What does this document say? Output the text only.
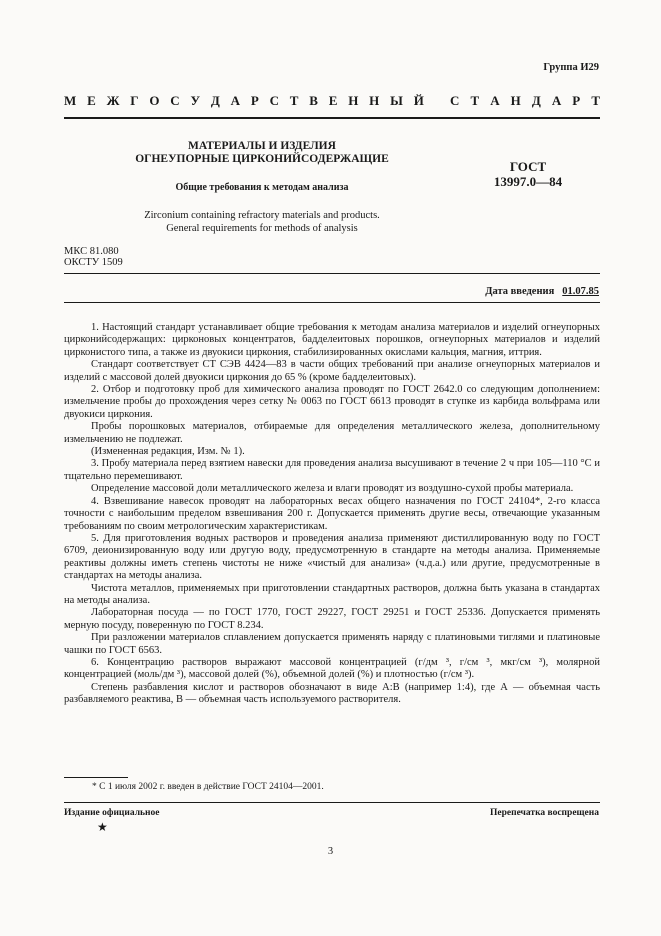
Группа И29
М Е Ж Г О С У Д А Р С Т В Е Н Н Ы Й С Т А Н Д А Р Т
МАТЕРИАЛЫ И ИЗДЕЛИЯ
ОГНЕУПОРНЫЕ ЦИРКОНИЙСОДЕРЖАЩИЕ
Общие требования к методам анализа
Zirconium containing refractory materials and products.
General requirements for methods of analysis
ГОСТ
13997.0—84
МКС 81.080
ОКСТУ 1509
Дата введения 01.07.85

1. Настоящий стандарт устанавливает общие требования к методам анализа материалов и изделий огнеупорных цирконийсодержащих: цирконовых концентратов, бадделеитовых порошков, огнеупорных материалов и изделий цирконистого типа, а также из двуокиси циркония, стабилизированных окислами кальция, магния, иттрия.

Стандарт соответствует СТ СЭВ 4424—83 в части общих требований при анализе огнеупорных материалов и изделий с массовой долей двуокиси циркония до 65 % (кроме бадделеитовых).

2. Отбор и подготовку проб для химического анализа проводят по ГОСТ 2642.0 со следующим дополнением: измельчение пробы до прохождения через сетку № 0063 по ГОСТ 6613 проводят в ступке из карбида вольфрама или двуокиси циркония.

Пробы порошковых материалов, отбираемые для определения металлического железа, дополнительному измельчению не подлежат.

(Измененная редакция, Изм. № 1).

3. Пробу материала перед взятием навески для проведения анализа высушивают в течение 2 ч при 105—110 °С и тщательно перемешивают.

Определение массовой доли металлического железа и влаги проводят из воздушно-сухой пробы материала.

4. Взвешивание навесок проводят на лабораторных весах общего назначения по ГОСТ 24104*, 2-го класса точности с наибольшим пределом взвешивания 200 г. Допускается применять другие весы, отвечающие указанным требованиям по своим метрологическим характеристикам.

5. Для приготовления водных растворов и проведения анализа применяют дистиллированную воду по ГОСТ 6709, деионизированную воду или другую воду, предусмотренную в стандарте на методы анализа. Применяемые реактивы должны иметь степень чистоты не ниже «чистый для анализа» (ч.д.а.) или другие, предусмотренные в стандартах на методы анализа.

Чистота металлов, применяемых при приготовлении стандартных растворов, должна быть указана в стандартах на методы анализа.

Лабораторная посуда — по ГОСТ 1770, ГОСТ 29227, ГОСТ 29251 и ГОСТ 25336. Допускается применять мерную посуду, поверенную по ГОСТ 8.234.

При разложении материалов сплавлением допускается применять наряду с платиновыми тиглями и платиновые чашки по ГОСТ 6563.

6. Концентрацию растворов выражают массовой концентрацией (г/дм ³, г/см ³, мкг/см ³), молярной концентрацией (моль/дм ³), массовой долей (%), объемной долей (%) и плотностью (г/см ³).

Степень разбавления кислот и растворов обозначают в виде А:В (например 1:4), где А — объемная часть разбавляемого реактива, В — объемная часть используемого растворителя.

* С 1 июля 2002 г. введен в действие ГОСТ 24104—2001.
Издание официальное
★
Перепечатка воспрещена
3
